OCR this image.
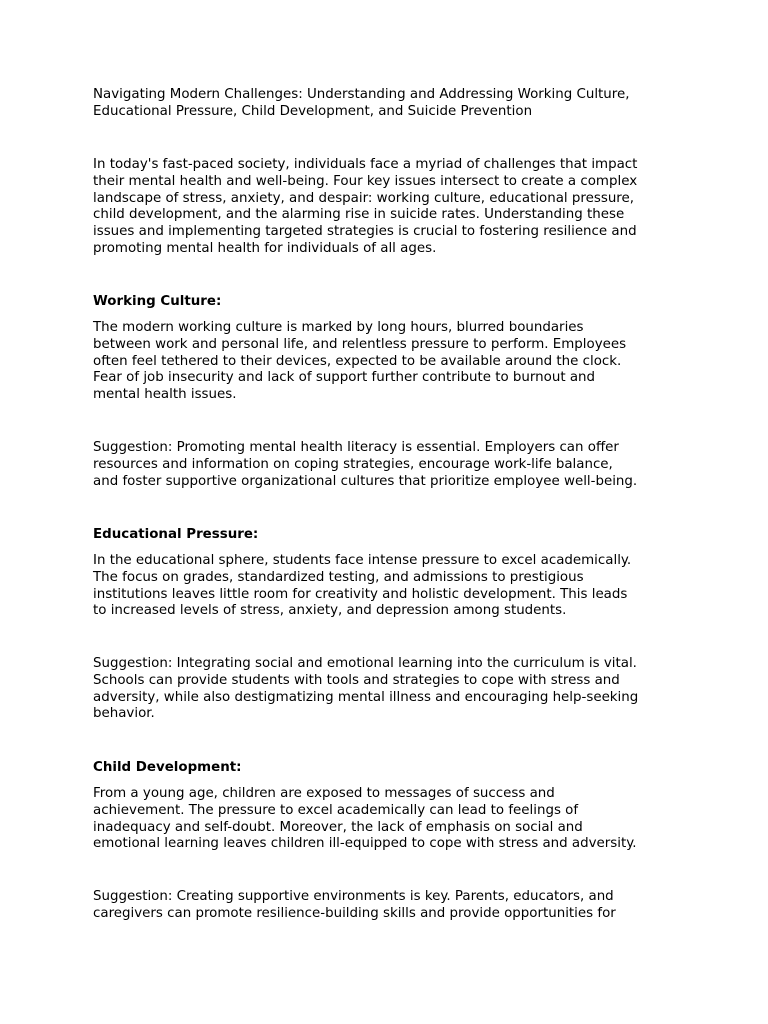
Navigating Modern Challenges: Understanding and Addressing Working Culture,
Educational Pressure, Child Development, and Suicide Prevention

In today's fast-paced society, individuals face a myriad of challenges that impact
their mental health and well-being. Four key issues intersect to create a complex
landscape of stress, anxiety, and despair: working culture, educational pressure,
child development, and the alarming rise in suicide rates. Understanding these
issues and implementing targeted strategies is crucial to fostering resilience and
promoting mental health for individuals of all ages.

Working Culture:

The modern working culture is marked by long hours, blurred boundaries
between work and personal life, and relentless pressure to perform. Employees
often feel tethered to their devices, expected to be available around the clock.
Fear of job insecurity and lack of support further contribute to burnout and
mental health issues.

Suggestion: Promoting mental health literacy is essential. Employers can offer
resources and information on coping strategies, encourage work-life balance,
and foster supportive organizational cultures that prioritize employee well-being.

Educational Pressure:

In the educational sphere, students face intense pressure to excel academically.
The focus on grades, standardized testing, and admissions to prestigious
institutions leaves little room for creativity and holistic development. This leads
to increased levels of stress, anxiety, and depression among students.

Suggestion: Integrating social and emotional learning into the curriculum is vital.
Schools can provide students with tools and strategies to cope with stress and
adversity, while also destigmatizing mental illness and encouraging help-seeking
behavior.

Child Development:

From a young age, children are exposed to messages of success and
achievement. The pressure to excel academically can lead to feelings of
inadequacy and self-doubt. Moreover, the lack of emphasis on social and
emotional learning leaves children ill-equipped to cope with stress and adversity.

Suggestion: Creating supportive environments is key. Parents, educators, and
caregivers can promote resilience-building skills and provide opportunities for
